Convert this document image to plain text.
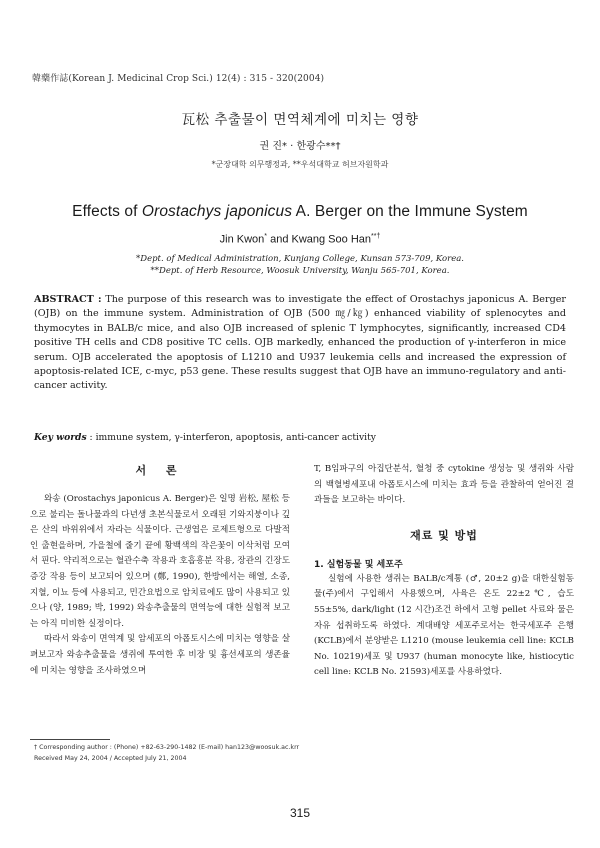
韓藥作誌(Korean J. Medicinal Crop Sci.) 12(4) : 315 - 320(2004)
瓦松 추출물이 면역체계에 미치는 영향
권 진* · 한광수**†
*군장대학 의무행정과, **우석대학교 허브자원학과
Effects of Orostachys japonicus A. Berger on the Immune System
Jin Kwon* and Kwang Soo Han**†
*Dept. of Medical Administration, Kunjang College, Kunsan 573-709, Korea.
**Dept. of Herb Resource, Woosuk University, Wanju 565-701, Korea.
ABSTRACT : The purpose of this research was to investigate the effect of Orostachys japonicus A. Berger (OJB) on the immune system. Administration of OJB (500 ㎎/㎏) enhanced viability of splenocytes and thymocytes in BALB/c mice, and also OJB increased of splenic T lymphocytes, significantly, increased CD4 positive TH cells and CD8 positive TC cells. OJB markedly, enhanced the production of γ-interferon in mice serum. OJB accelerated the apoptosis of L1210 and U937 leukemia cells and increased the expression of apoptosis-related ICE, c-myc, p53 gene. These results suggest that OJB have an immuno-regulatory and anti-cancer activity.
Key words : immune system, γ-interferon, apoptosis, anti-cancer activity
서 론

와송 (Orostachys japonicus A. Berger)은 일명 岩松, 屋松 등으로 불리는 돌나물과의 다년생 초본식물로서 오래된 기와지붕이나 깊은 산의 바위위에서 자라는 식물이다. 근생엽은 로제트형으로 다발적인 출현을하며, 가을철에 줄기 끝에 황백색의 작은꽃이 이삭처럼 모여서 핀다. 약리적으로는 혈관수축 작용과 호흡흥분 작용, 장관의 긴장도증강 작용 등이 보고되어 있으며 (鄭, 1990), 한방에서는 해열, 소종, 지혈, 이뇨 등에 사용되고, 민간요법으로 암치료에도 많이 사용되고 있으나 (양, 1989; 박, 1992) 와송추출물의 면역능에 대한 실험적 보고는 아직 미비한 실정이다.

따라서 와송이 면역계 및 암세포의 아폽토시스에 미치는 영향을 살펴보고자 와송추출물을 생쥐에 투여한 후 비장 및 흉선세포의 생존율에 미치는 영향을 조사하였으며

T, B임파구의 아집단분석, 혈청 중 cytokine 생성능 및 생쥐와 사람의 백혈병세포내 아폽토시스에 미치는 효과 등을 관찰하여 얻어진 결과들을 보고하는 바이다.

재료 및 방법
1. 실험동물 및 세포주

실험에 사용한 생쥐는 BALB/c계통 (♂, 20±2 g)을 대한실험동물(주)에서 구입해서 사용했으며, 사육은 온도 22±2℃, 습도 55±5%, dark/light (12 시간)조건 하에서 고형 pellet 사료와 물은 자유 섭취하도록 하였다. 계대배양 세포주로서는 한국세포주 은행 (KCLB)에서 분양받은 L1210 (mouse leukemia cell line: KCLB No. 10219)세포 및 U937 (human monocyte like, histiocytic cell line: KCLB No. 21593)세포를 사용하였다.

† Corresponding author : (Phone) +82-63-290-1482 (E-mail) han123@woosuk.ac.krr
Received May 24, 2004 / Accepted July 21, 2004
315
